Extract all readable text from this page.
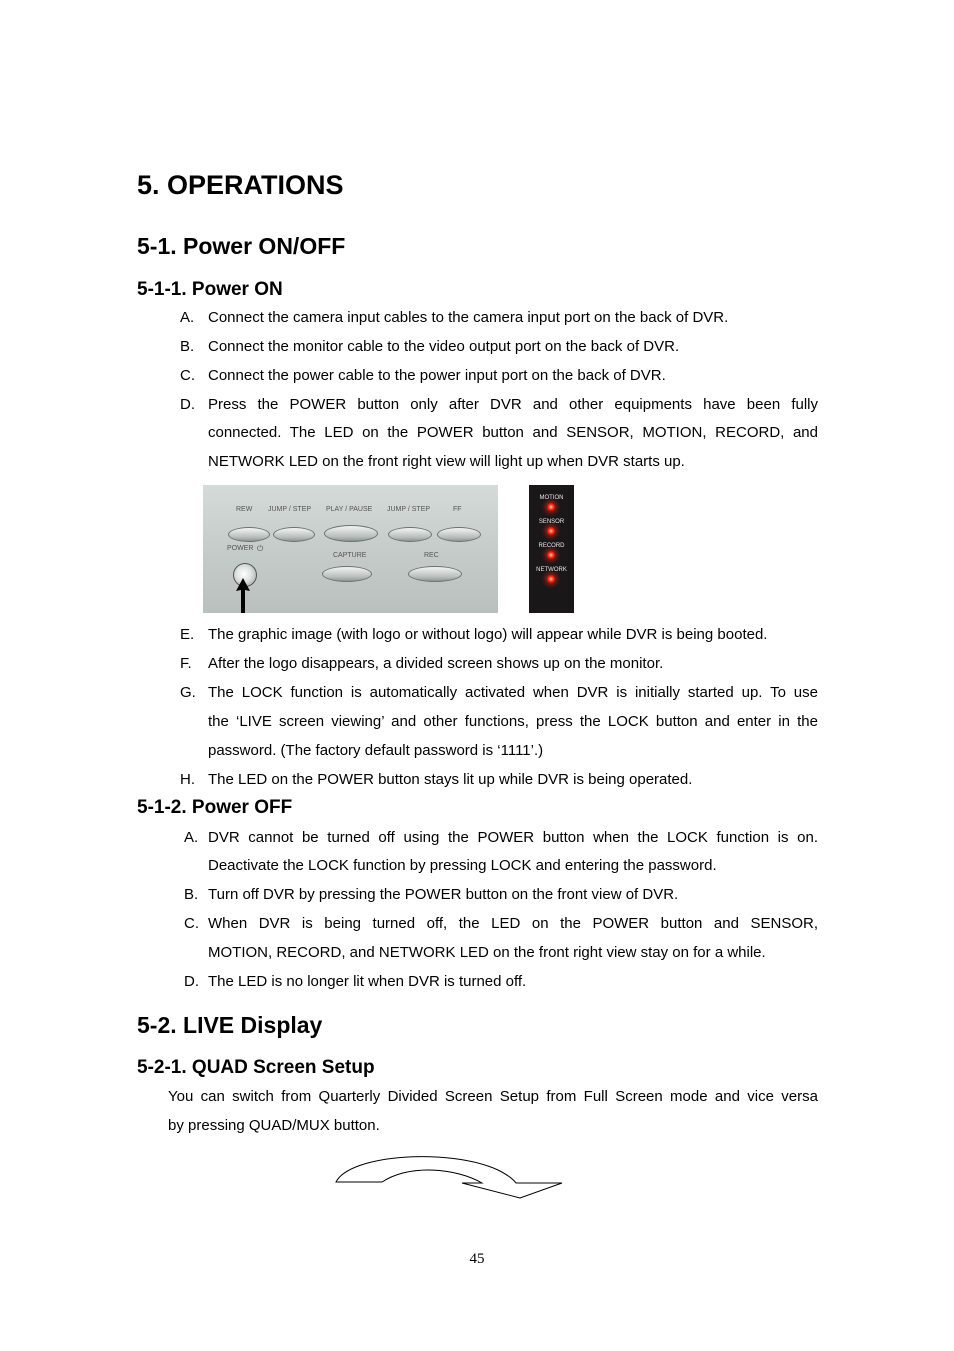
5. OPERATIONS
5-1. Power ON/OFF
5-1-1. Power ON
A. Connect the camera input cables to the camera input port on the back of DVR.
B. Connect the monitor cable to the video output port on the back of DVR.
C. Connect the power cable to the power input port on the back of DVR.
D. Press the POWER button only after DVR and other equipments have been fully
connected. The LED on the POWER button and SENSOR, MOTION, RECORD, and
NETWORK LED on the front right view will light up when DVR starts up.
REW JUMP / STEP PLAY / PAUSE JUMP / STEP	FF
POWER ⏻
CAPTURE	REC
MOTION
SENSOR
RECORD
NETWORK
E. The graphic image (with logo or without logo) will appear while DVR is being booted.
F. After the logo disappears, a divided screen shows up on the monitor.
G. The LOCK function is automatically activated when DVR is initially started up. To use
the ‘LIVE screen viewing’ and other functions, press the LOCK button and enter in the
password. (The factory default password is ‘1111’.)
H. The LED on the POWER button stays lit up while DVR is being operated.
5-1-2. Power OFF
A. DVR cannot be turned off using the POWER button when the LOCK function is on.
Deactivate the LOCK function by pressing LOCK and entering the password.
B. Turn off DVR by pressing the POWER button on the front view of DVR.
C. When DVR is being turned off, the LED on the POWER button and SENSOR,
MOTION, RECORD, and NETWORK LED on the front right view stay on for a while.
D. The LED is no longer lit when DVR is turned off.
5-2. LIVE Display
5-2-1. QUAD Screen Setup
You can switch from Quarterly Divided Screen Setup from Full Screen mode and vice versa
by pressing QUAD/MUX button.
45
